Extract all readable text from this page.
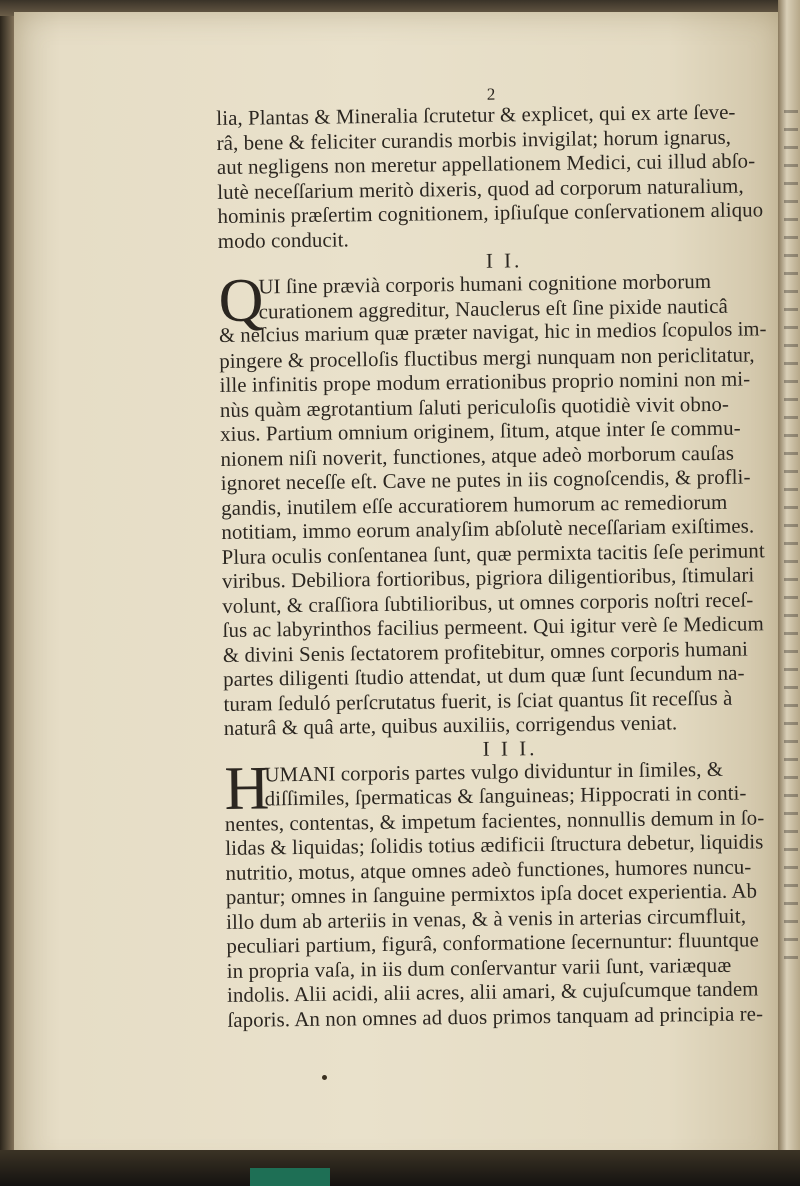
2
lia, Plantas & Mineralia ſcrutetur & explicet, qui ex arte ſeve-
râ, bene & feliciter curandis morbis invigilat; horum ignarus,
aut negligens non meretur appellationem Medici, cui illud abſo-
lutè neceſſarium meritò dixeris, quod ad corporum naturalium,
hominis præſertim cognitionem, ipſiuſque conſervationem aliquo
modo conducit.
I I.
Q
UI ſine prævià corporis humani cognitione morborum
curationem aggreditur, Nauclerus eſt ſine pixide nauticâ
& neſcius marium quæ præter navigat, hic in medios ſcopulos im-
pingere & procelloſis fluctibus mergi nunquam non periclitatur,
ille infinitis prope modum errationibus proprio nomini non mi-
nùs quàm ægrotantium ſaluti periculoſis quotidiè vivit obno-
xius. Partium omnium originem, ſitum, atque inter ſe commu-
nionem niſi noverit, functiones, atque adeò morborum cauſas
ignoret neceſſe eſt. Cave ne putes in iis cognoſcendis, & profli-
gandis, inutilem eſſe accuratiorem humorum ac remediorum
notitiam, immo eorum analyſim abſolutè neceſſariam exiſtimes.
Plura oculis conſentanea ſunt, quæ permixta tacitis ſeſe perimunt
viribus. Debiliora fortioribus, pigriora diligentioribus, ſtimulari
volunt, & craſſiora ſubtilioribus, ut omnes corporis noſtri receſ-
ſus ac labyrinthos facilius permeent. Qui igitur verè ſe Medicum
& divini Senis ſectatorem profitebitur, omnes corporis humani
partes diligenti ſtudio attendat, ut dum quæ ſunt ſecundum na-
turam ſeduló perſcrutatus fuerit, is ſciat quantus ſit receſſus à
naturâ & quâ arte, quibus auxiliis, corrigendus veniat.
I I I.
H
UMANI corporis partes vulgo dividuntur in ſimiles, &
diſſimiles, ſpermaticas & ſanguineas; Hippocrati in conti-
nentes, contentas, & impetum facientes, nonnullis demum in ſo-
lidas & liquidas; ſolidis totius ædificii ſtructura debetur, liquidis
nutritio, motus, atque omnes adeò functiones, humores nuncu-
pantur; omnes in ſanguine permixtos ipſa docet experientia. Ab
illo dum ab arteriis in venas, & à venis in arterias circumfluit,
peculiari partium, figurâ, conformatione ſecernuntur: fluuntque
in propria vaſa, in iis dum conſervantur varii ſunt, variæquæ
indolis. Alii acidi, alii acres, alii amari, & cujuſcumque tandem
ſaporis. An non omnes ad duos primos tanquam ad principia re-
